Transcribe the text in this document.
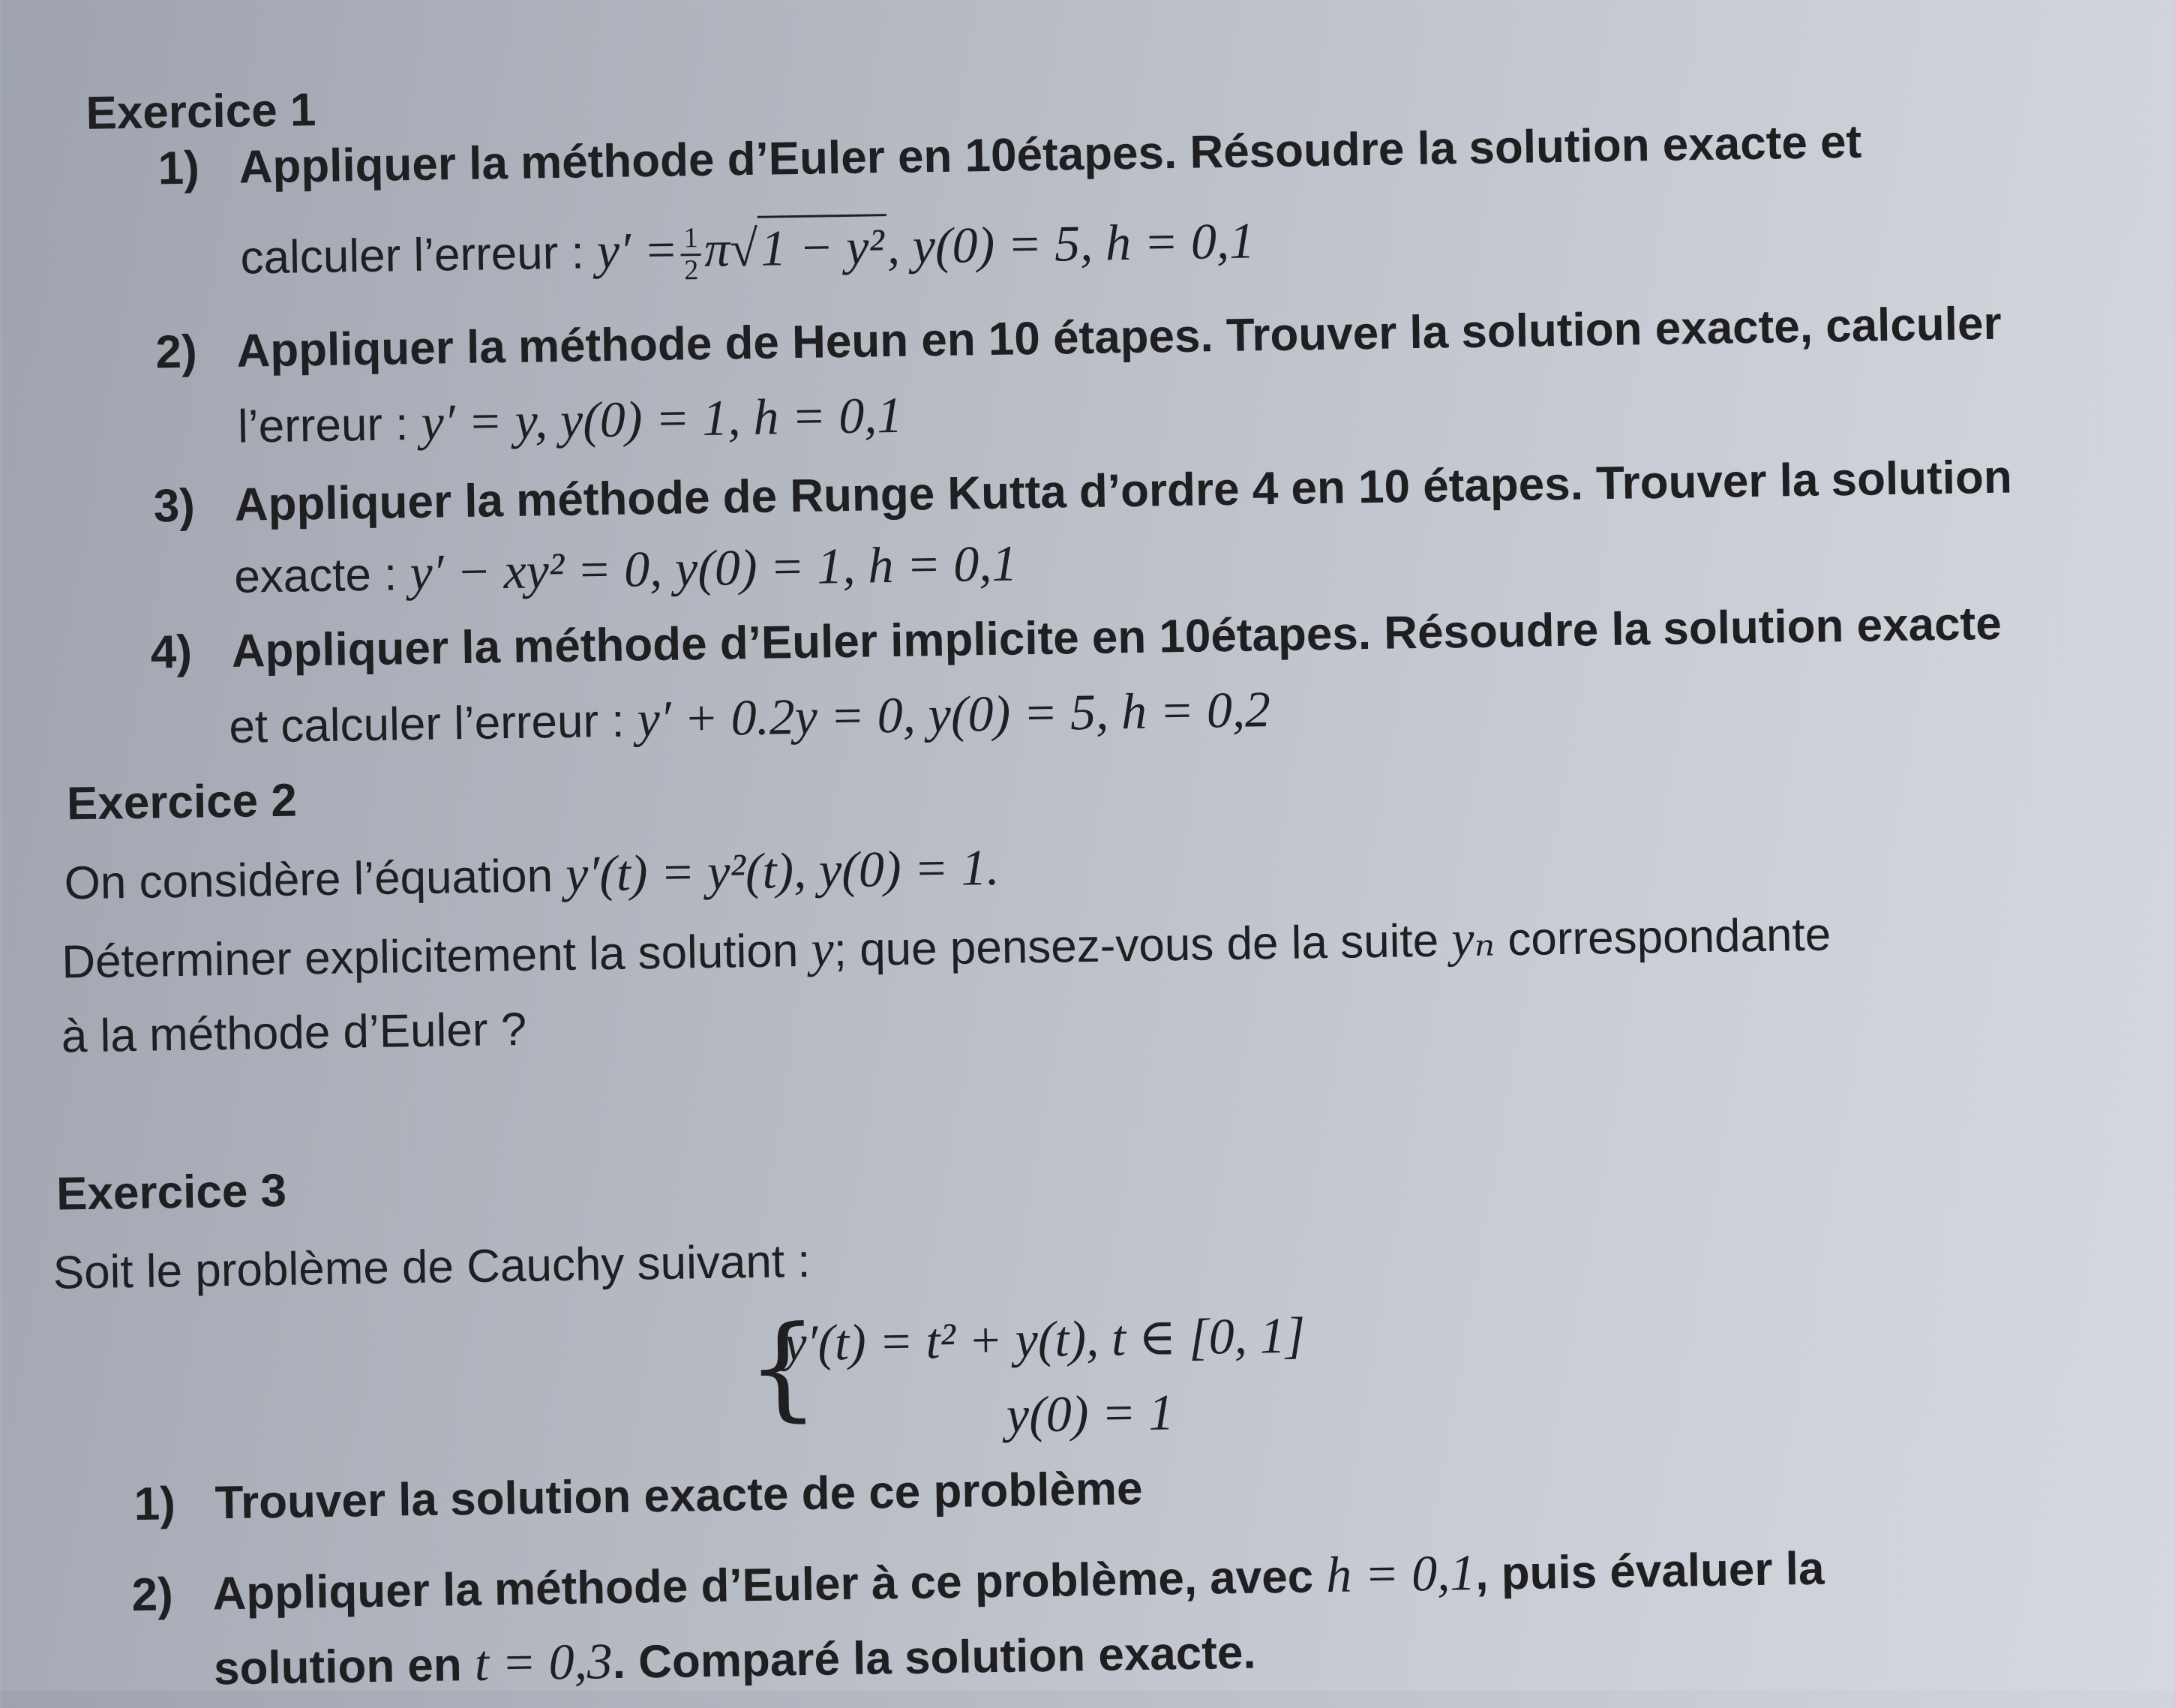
Exercice 1
1) Appliquer la méthode d’Euler en 10étapes. Résoudre la solution exacte et
calculer l’erreur : $y' = \frac{1}{2} \pi√1 - y^2$, y(0) = 5, h = 0,1
2) Appliquer la méthode de Heun en 10 étapes. Trouver la solution exacte, calculer
l’erreur : y′ = y, y(0) = 1, h = 0,1
3) Appliquer la méthode de Runge Kutta d’ordre 4 en 10 étapes. Trouver la solution
exacte : y′ − xy² = 0, y(0) = 1, h = 0,1
4) Appliquer la méthode d’Euler implicite en 10étapes. Résoudre la solution exacte
et calculer l’erreur : y′ + 0.2y = 0, y(0) = 5, h = 0,2
Exercice 2
On considère l’équation y′(t) = y²(t), y(0) = 1.
Déterminer explicitement la solution y; que pensez-vous de la suite yₙ correspondante
à la méthode d’Euler ?
Exercice 3
Soit le problème de Cauchy suivant :
{
y′(t) = t² + y(t), t ∈ [0, 1]
y(0) = 1
1) Trouver la solution exacte de ce problème
2) Appliquer la méthode d’Euler à ce problème, avec h = 0,1, puis évaluer la
solution en t = 0,3. Comparé la solution exacte.
